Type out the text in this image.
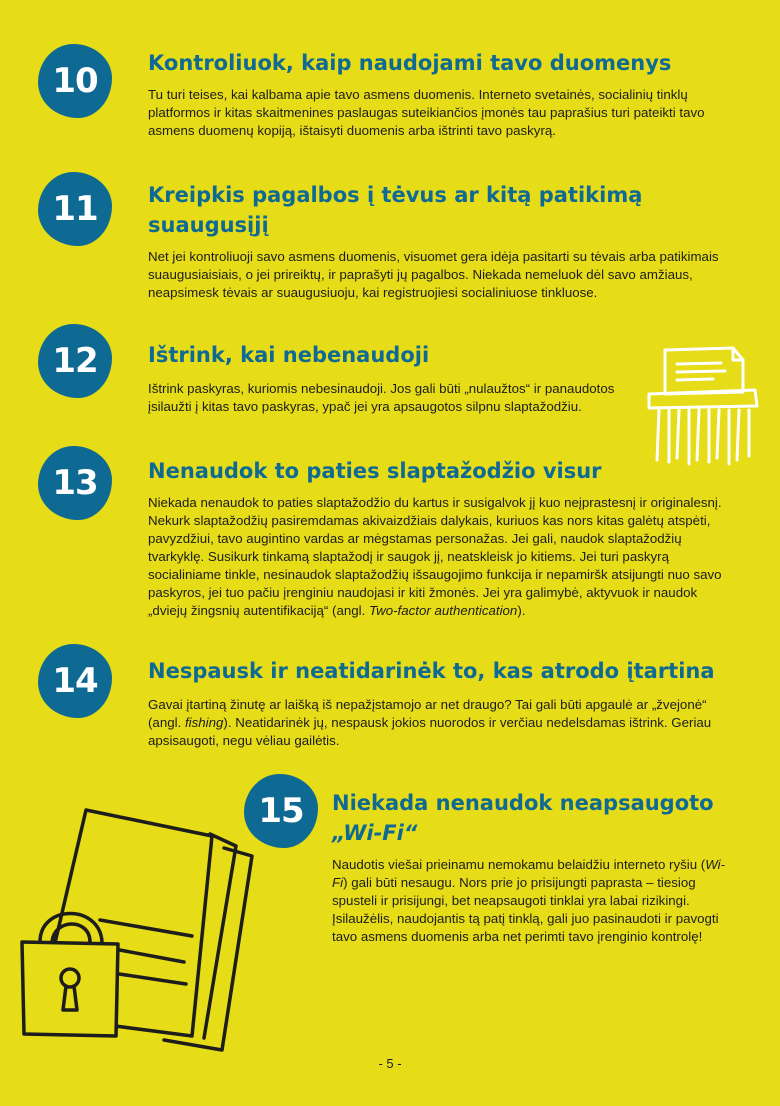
10	Kontroliuok, kaip naudojami tavo duomenys

Tu turi teises, kai kalbama apie tavo asmens duomenis. Interneto svetainės, socialinių tinklų platformos ir kitas skaitmenines paslaugas suteikiančios įmonės tau paprašius turi pateikti tavo asmens duomenų kopiją, ištaisyti duomenis arba ištrinti tavo paskyrą.

11	Kreipkis pagalbos į tėvus ar kitą patikimą suaugusįjį

Net jei kontroliuoji savo asmens duomenis, visuomet gera idėja pasitarti su tėvais arba patikimais suaugusiaisiais, o jei prireiktų, ir paprašyti jų pagalbos. Niekada nemeluok dėl savo amžiaus, neapsimesk tėvais ar suaugusiuoju, kai registruojiesi socialiniuose tinkluose.

12	Ištrink, kai nebenaudoji

Ištrink paskyras, kuriomis nebesinaudoji. Jos gali būti „nulaužtos“ ir panaudotos įsilaužti į kitas tavo paskyras, ypač jei yra apsaugotos silpnu slaptažodžiu.

13	Nenaudok to paties slaptažodžio visur

Niekada nenaudok to paties slaptažodžio du kartus ir susigalvok jį kuo neįprastesnį ir originalesnį. Nekurk slaptažodžių pasiremdamas akivaizdžiais dalykais, kuriuos kas nors kitas galėtų atspėti, pavyzdžiui, tavo augintino vardas ar mėgstamas personažas. Jei gali, naudok slaptažodžių tvarkyklę. Susikurk tinkamą slaptažodį ir saugok jį, neatskleisk jo kitiems. Jei turi paskyrą socialiniame tinkle, nesinaudok slaptažodžių išsaugojimo funkcija ir nepamiršk atsijungti nuo savo paskyros, jei tuo pačiu įrenginiu naudojasi ir kiti žmonės. Jei yra galimybė, aktyvuok ir naudok „dviejų žingsnių autentifikaciją“ (angl. Two-factor authentication).

14	Nespausk ir neatidarinėk to, kas atrodo įtartina

Gavai įtartiną žinutę ar laišką iš nepažįstamojo ar net draugo? Tai gali būti apgaulė ar „žvejonė“ (angl. fishing). Neatidarinėk jų, nespausk jokios nuorodos ir verčiau nedelsdamas ištrink. Geriau apsisaugoti, negu vėliau gailėtis.

15	Niekada nenaudok neapsaugoto
„Wi-Fi“

Naudotis viešai prieinamu nemokamu belaidžiu interneto ryšiu (Wi-Fi) gali būti nesaugu. Nors prie jo prisijungti paprasta – tiesiog spusteli ir prisijungi, bet neapsaugoti tinklai yra labai rizikingi. Įsilaužėlis, naudojantis tą patį tinklą, gali juo pasinaudoti ir pavogti tavo asmens duomenis arba net perimti tavo įrenginio kontrolę!

- 5 -
